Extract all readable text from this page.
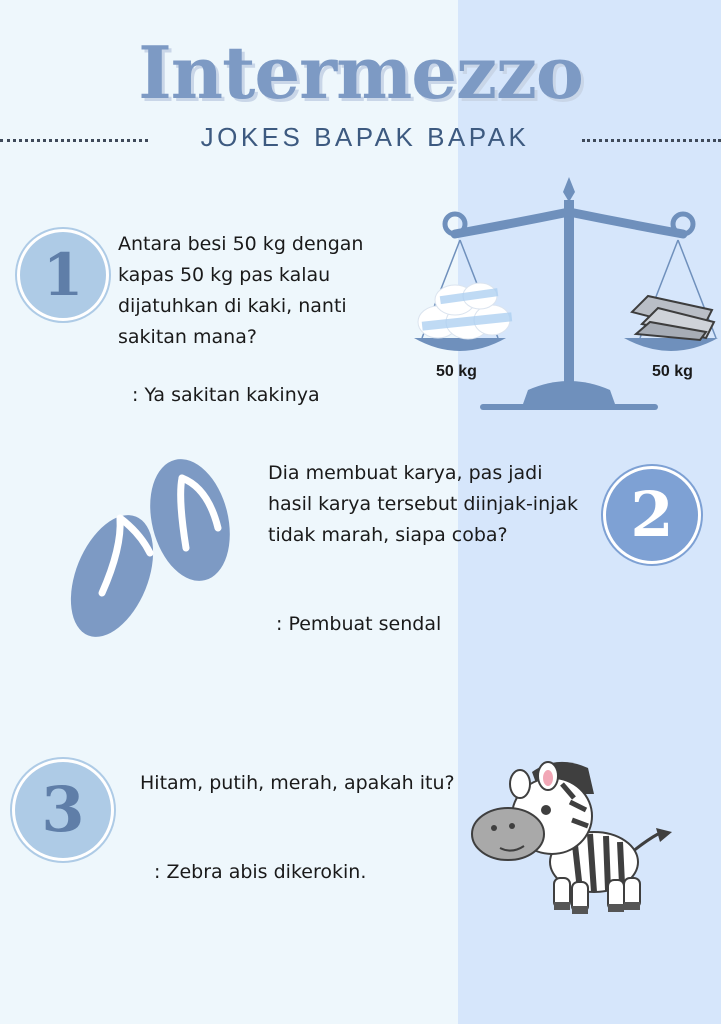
Intermezzo
JOKES BAPAK BAPAK
1	Antara besi 50 kg dengan kapas 50 kg pas kalau dijatuhkan di kaki, nanti sakitan mana?
: Ya sakitan kakinya
50 kg	50 kg
Dia membuat karya, pas jadi hasil karya tersebut diinjak-injak tidak marah, siapa coba?	2
: Pembuat sendal
3	Hitam, putih, merah, apakah itu?
: Zebra abis dikerokin.
